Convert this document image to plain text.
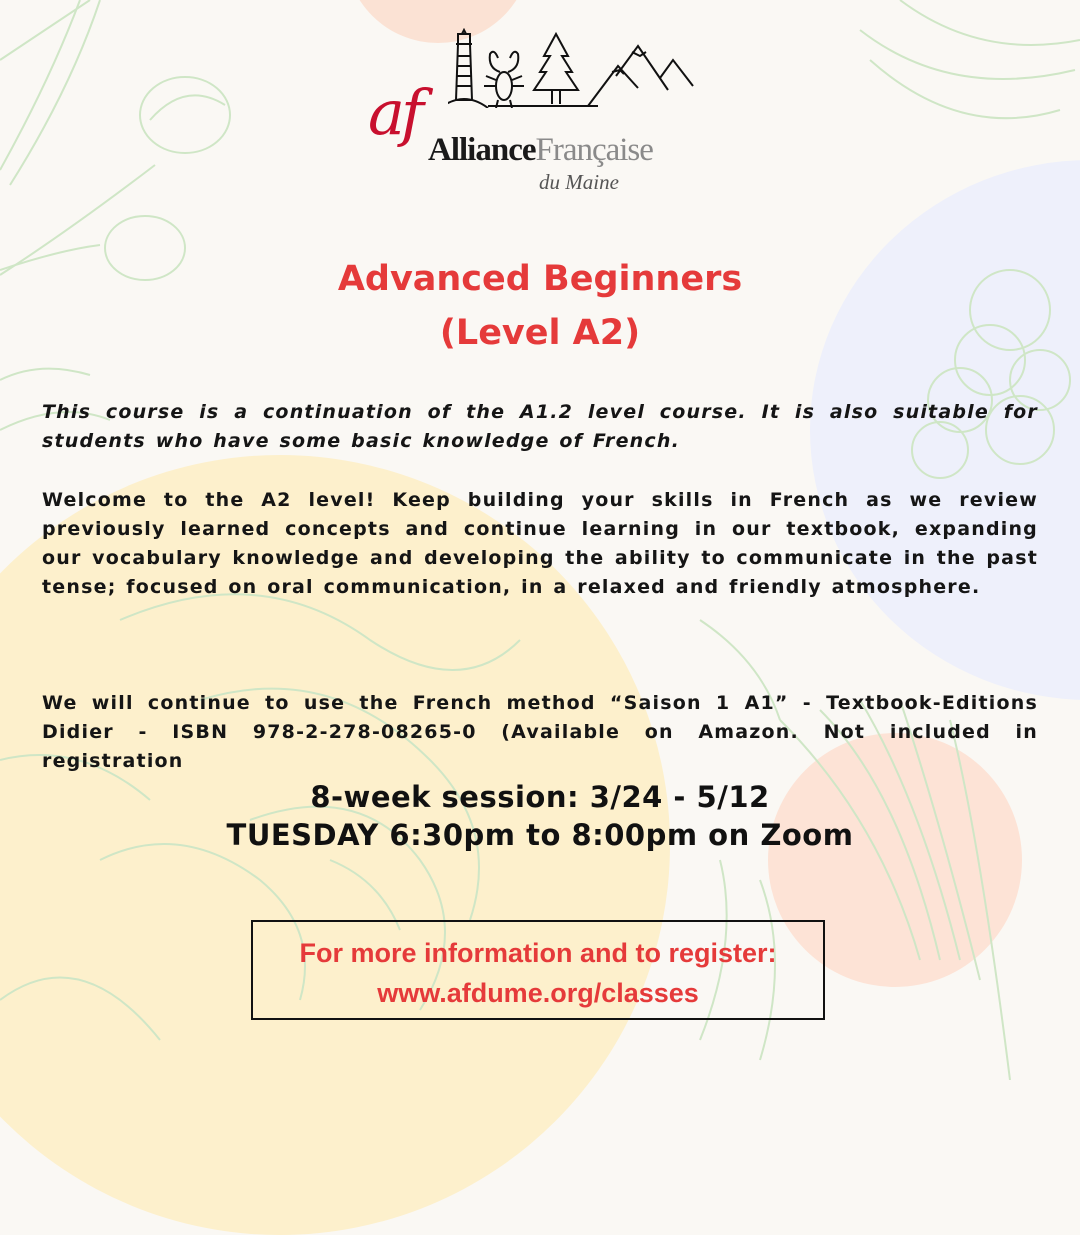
af
AllianceFrançaise
du Maine
Advanced Beginners
(Level A2)
This course is a continuation of the A1.2 level course. It is also suitable for students who have some basic knowledge of French.
Welcome to the A2 level! Keep building your skills in French as we review previously learned concepts and continue learning in our textbook, expanding our vocabulary knowledge and developing the ability to communicate in the past tense; focused on oral communication, in a relaxed and friendly atmosphere.
We will continue to use the French method “Saison 1 A1” - Textbook-Editions Didier - ISBN 978-2-278-08265-0 (Available on Amazon. Not included in registration
8-week session: 3/24 - 5/12
TUESDAY 6:30pm to 8:00pm on Zoom
For more information and to register:
www.afdume.org/classes
